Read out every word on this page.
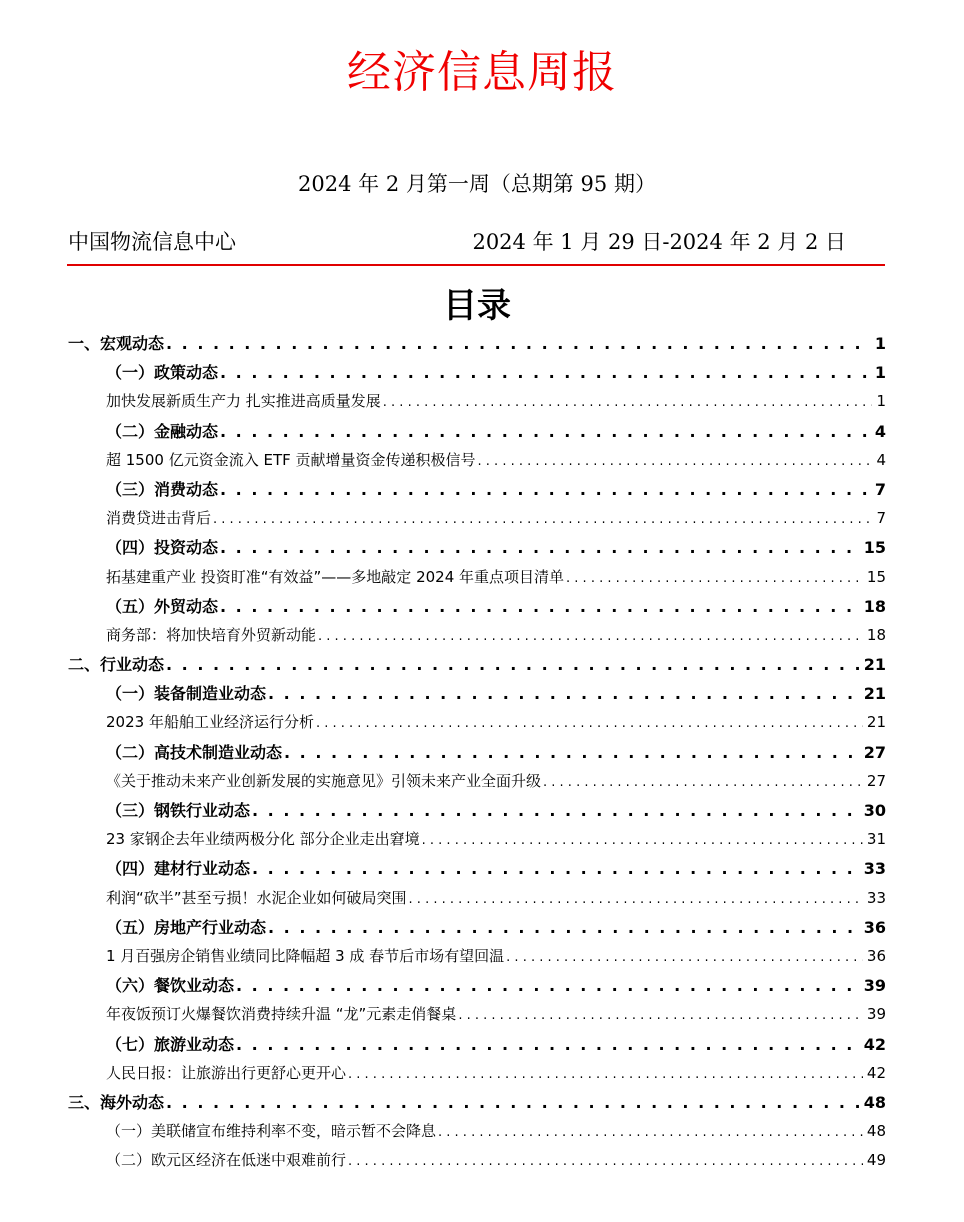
经济信息周报
2024 年 2 月第一周（总期第 95 期）
中国物流信息中心	2024 年 1 月 29 日-2024 年 2 月 2 日
目录
一、宏观动态 . . .	1
（一）政策动态 . . .	1
加快发展新质生产力 扎实推进高质量发展 . . .	1
（二）金融动态 . . .	4
超 1500 亿元资金流入 ETF 贡献增量资金传递积极信号 . . .	4
（三）消费动态 . . .	7
消费贷进击背后 . . .	7
（四）投资动态 . . .	15
拓基建重产业 投资盯准“有效益”——多地敲定 2024 年重点项目清单 . . .	15
（五）外贸动态 . . .	18
商务部：将加快培育外贸新动能 . . .	18
二、行业动态 . . .	21
（一）装备制造业动态 . . .	21
2023 年船舶工业经济运行分析 . . .	21
（二）高技术制造业动态 . . .	27
《关于推动未来产业创新发展的实施意见》引领未来产业全面升级 . . .	27
（三）钢铁行业动态 . . .	30
23 家钢企去年业绩两极分化 部分企业走出窘境 . . .	31
（四）建材行业动态 . . .	33
利润“砍半”甚至亏损！水泥企业如何破局突围 . . .	33
（五）房地产行业动态 . . .	36
1 月百强房企销售业绩同比降幅超 3 成 春节后市场有望回温 . . .	36
（六）餐饮业动态 . . .	39
年夜饭预订火爆餐饮消费持续升温 “龙”元素走俏餐桌 . . .	39
（七）旅游业动态 . . .	42
人民日报：让旅游出行更舒心更开心 . . .	42
三、海外动态 . . .	48
（一）美联储宣布维持利率不变，暗示暂不会降息 . . .	48
（二）欧元区经济在低迷中艰难前行 . . .	49
